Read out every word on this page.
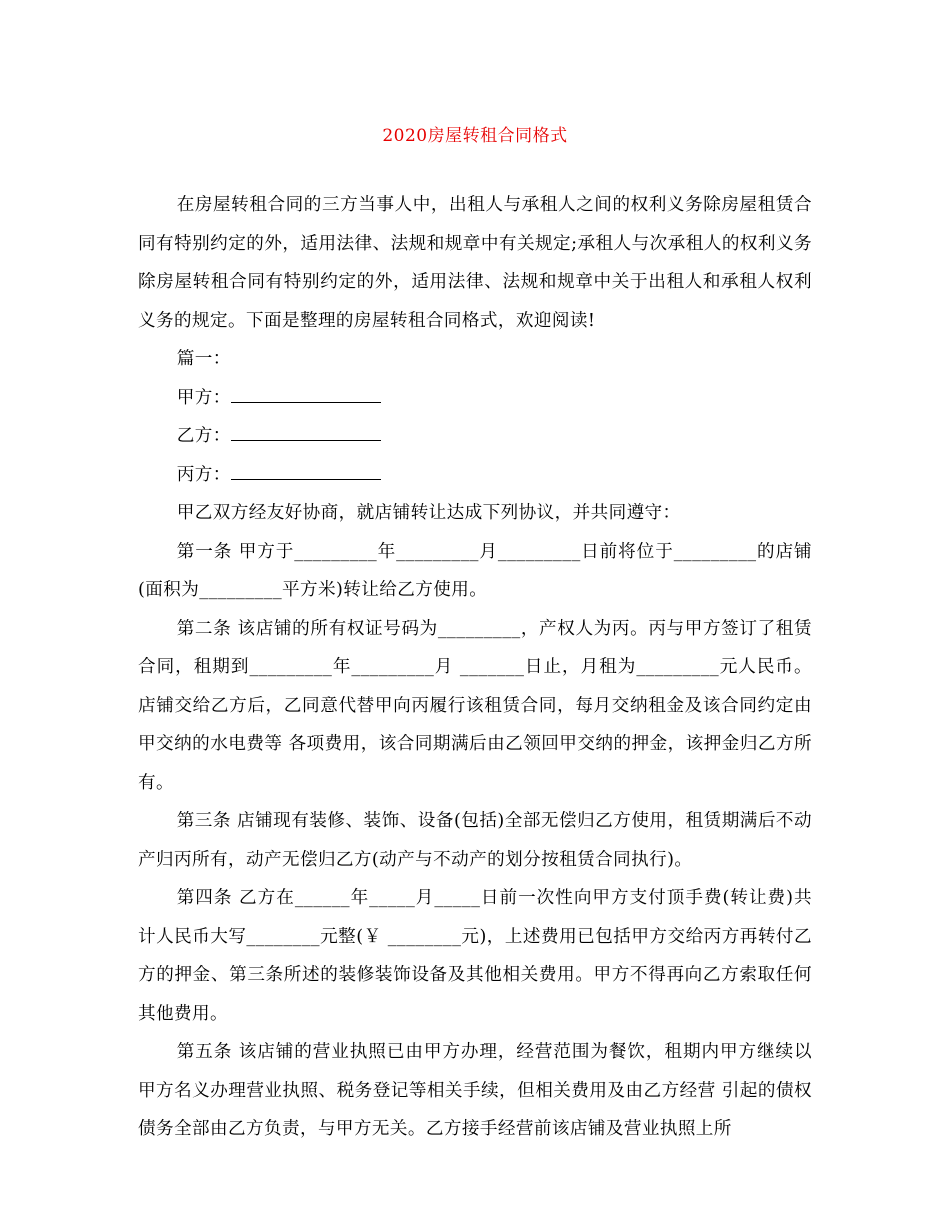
2020房屋转租合同格式

在房屋转租合同的三方当事人中，出租人与承租人之间的权利义务除房屋租赁合同有特别约定的外，适用法律、法规和规章中有关规定;承租人与次承租人的权利义务除房屋转租合同有特别约定的外，适用法律、法规和规章中关于出租人和承租人权利义务的规定。下面是整理的房屋转租合同格式，欢迎阅读!

篇一：

甲方：

乙方：

丙方：

甲乙双方经友好协商，就店铺转让达成下列协议，并共同遵守：

第一条 甲方于_________年_________月_________日前将位于_________的店铺(面积为_________平方米)转让给乙方使用。

第二条 该店铺的所有权证号码为_________，产权人为丙。丙与甲方签订了租赁合同，租期到_________年_________月 _______日止，月租为_________元人民币。店铺交给乙方后，乙同意代替甲向丙履行该租赁合同，每月交纳租金及该合同约定由甲交纳的水电费等 各项费用，该合同期满后由乙领回甲交纳的押金，该押金归乙方所有。

第三条 店铺现有装修、装饰、设备(包括)全部无偿归乙方使用，租赁期满后不动产归丙所有，动产无偿归乙方(动产与不动产的划分按租赁合同执行)。

第四条 乙方在______年_____月_____日前一次性向甲方支付顶手费(转让费)共计人民币大写________元整(￥ ________元)，上述费用已包括甲方交给丙方再转付乙方的押金、第三条所述的装修装饰设备及其他相关费用。甲方不得再向乙方索取任何其他费用。

第五条 该店铺的营业执照已由甲方办理，经营范围为餐饮，租期内甲方继续以甲方名义办理营业执照、税务登记等相关手续，但相关费用及由乙方经营 引起的债权债务全部由乙方负责，与甲方无关。乙方接手经营前该店铺及营业执照上所
